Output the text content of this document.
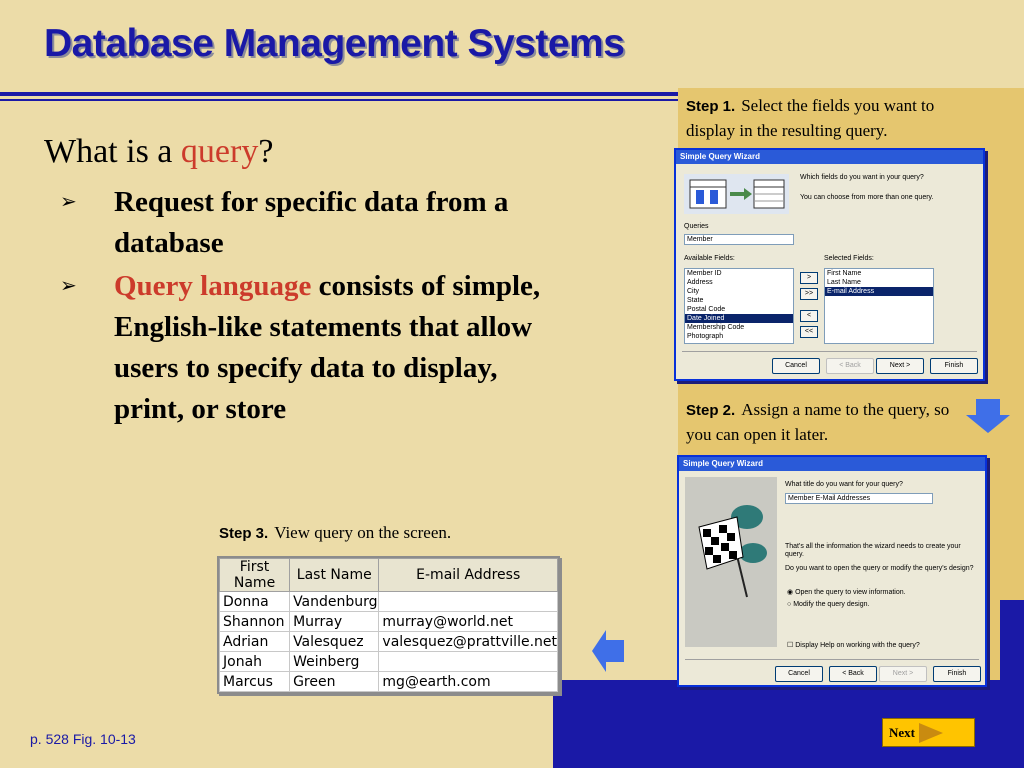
Database Management Systems
What is a query?
➢ Request for specific data from a database
➢ Query language consists of simple, English-like statements that allow users to specify data to display, print, or store
Step 1. Select the fields you want to display in the resulting query.
Simple Query Wizard
Which fields do you want in your query?
You can choose from more than one query.
Queries
Member
Available Fields:	Selected Fields:
Member ID
Address
City
State
Postal Code
Date Joined
Membership Code
Photograph
>
>>
<
<<
First Name
Last Name
E-mail Address
Cancel	< Back	Next >	Finish
Step 2. Assign a name to the query, so you can open it later.
Simple Query Wizard
What title do you want for your query?
Member E-Mail Addresses
That's all the information the wizard needs to create your query.
Do you want to open the query or modify the query's design?
◉ Open the query to view information.
○ Modify the query design.
☐ Display Help on working with the query?
Cancel	< Back	Next >	Finish
Step 3. View query on the screen.
First Name	Last Name	E-mail Address
Donna	Vandenburg	
Shannon	Murray	murray@world.net
Adrian	Valesquez	valesquez@prattville.net
Jonah	Weinberg	
Marcus	Green	mg@earth.com
p. 528 Fig. 10-13	Next
